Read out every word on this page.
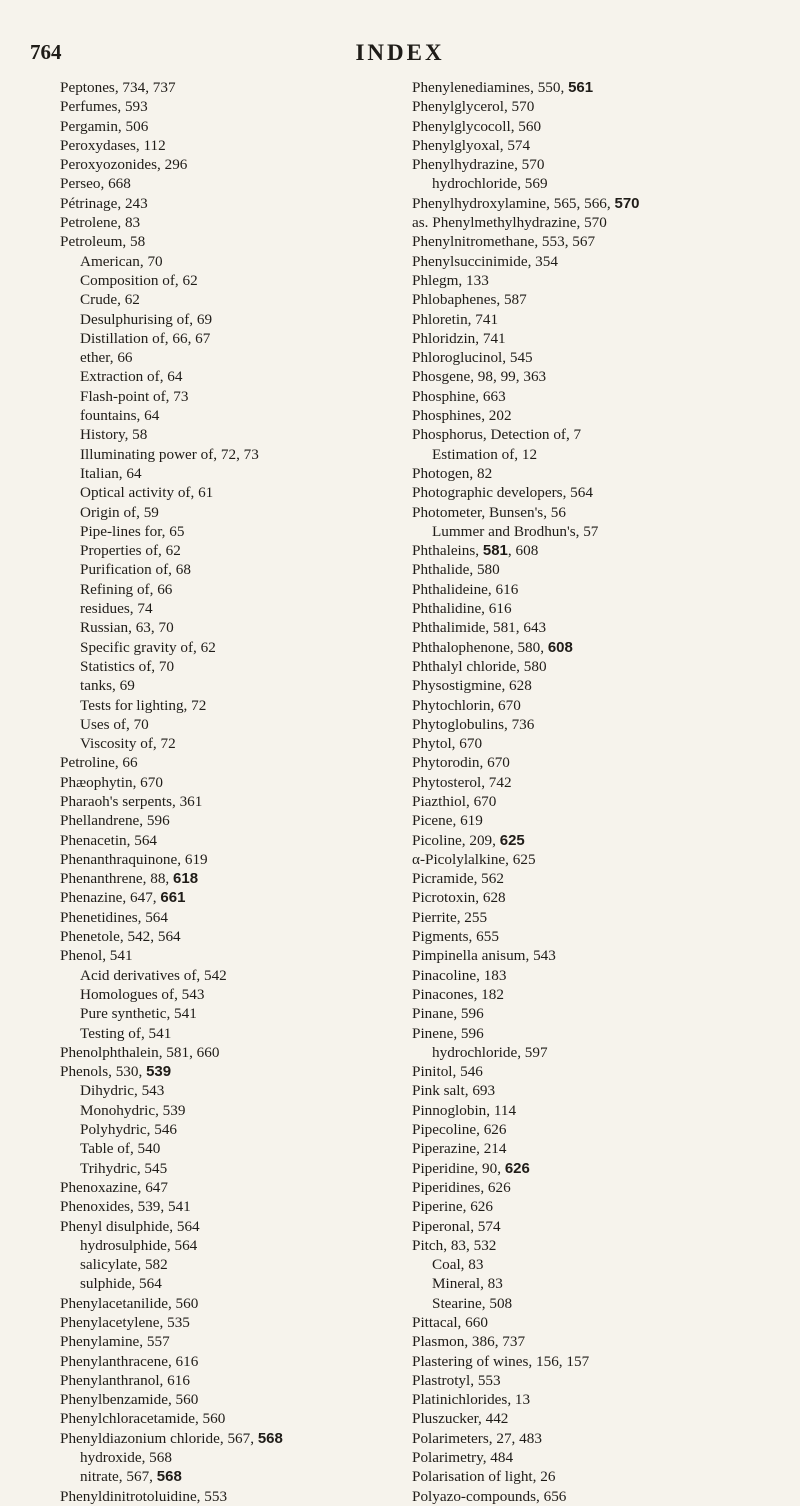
764	INDEX
Peptones, 734, 737
Perfumes, 593
Pergamin, 506
Peroxydases, 112
Peroxyozonides, 296
Perseo, 668
Pétrinage, 243
Petrolene, 83
Petroleum, 58
American, 70
Composition of, 62
Crude, 62
Desulphurising of, 69
Distillation of, 66, 67
ether, 66
Extraction of, 64
Flash-point of, 73
fountains, 64
History, 58
Illuminating power of, 72, 73
Italian, 64
Optical activity of, 61
Origin of, 59
Pipe-lines for, 65
Properties of, 62
Purification of, 68
Refining of, 66
residues, 74
Russian, 63, 70
Specific gravity of, 62
Statistics of, 70
tanks, 69
Tests for lighting, 72
Uses of, 70
Viscosity of, 72
Petroline, 66
Phæophytin, 670
Pharaoh's serpents, 361
Phellandrene, 596
Phenacetin, 564
Phenanthraquinone, 619
Phenanthrene, 88, 618
Phenazine, 647, 661
Phenetidines, 564
Phenetole, 542, 564
Phenol, 541
Acid derivatives of, 542
Homologues of, 543
Pure synthetic, 541
Testing of, 541
Phenolphthalein, 581, 660
Phenols, 530, 539
Dihydric, 543
Monohydric, 539
Polyhydric, 546
Table of, 540
Trihydric, 545
Phenoxazine, 647
Phenoxides, 539, 541
Phenyl disulphide, 564
hydrosulphide, 564
salicylate, 582
sulphide, 564
Phenylacetanilide, 560
Phenylacetylene, 535
Phenylamine, 557
Phenylanthracene, 616
Phenylanthranol, 616
Phenylbenzamide, 560
Phenylchloracetamide, 560
Phenyldiazonium chloride, 567, 568
hydroxide, 568
nitrate, 567, 568
Phenyldinitrotoluidine, 553
Phenylenediamines, 550, 561
Phenylglycerol, 570
Phenylglycocoll, 560
Phenylglyoxal, 574
Phenylhydrazine, 570
hydrochloride, 569
Phenylhydroxylamine, 565, 566, 570
as. Phenylmethylhydrazine, 570
Phenylnitromethane, 553, 567
Phenylsuccinimide, 354
Phlegm, 133
Phlobaphenes, 587
Phloretin, 741
Phloridzin, 741
Phloroglucinol, 545
Phosgene, 98, 99, 363
Phosphine, 663
Phosphines, 202
Phosphorus, Detection of, 7
Estimation of, 12
Photogen, 82
Photographic developers, 564
Photometer, Bunsen's, 56
Lummer and Brodhun's, 57
Phthaleins, 581, 608
Phthalide, 580
Phthalideine, 616
Phthalidine, 616
Phthalimide, 581, 643
Phthalophenone, 580, 608
Phthalyl chloride, 580
Physostigmine, 628
Phytochlorin, 670
Phytoglobulins, 736
Phytol, 670
Phytorodin, 670
Phytosterol, 742
Piazthiol, 670
Picene, 619
Picoline, 209, 625
α-Picolylalkine, 625
Picramide, 562
Picrotoxin, 628
Pierrite, 255
Pigments, 655
Pimpinella anisum, 543
Pinacoline, 183
Pinacones, 182
Pinane, 596
Pinene, 596
hydrochloride, 597
Pinitol, 546
Pink salt, 693
Pinnoglobin, 114
Pipecoline, 626
Piperazine, 214
Piperidine, 90, 626
Piperidines, 626
Piperine, 626
Piperonal, 574
Pitch, 83, 532
Coal, 83
Mineral, 83
Stearine, 508
Pittacal, 660
Plasmon, 386, 737
Plastering of wines, 156, 157
Plastrotyl, 553
Platinichlorides, 13
Pluszucker, 442
Polarimeters, 27, 483
Polarimetry, 484
Polarisation of light, 26
Polyazo-compounds, 656
